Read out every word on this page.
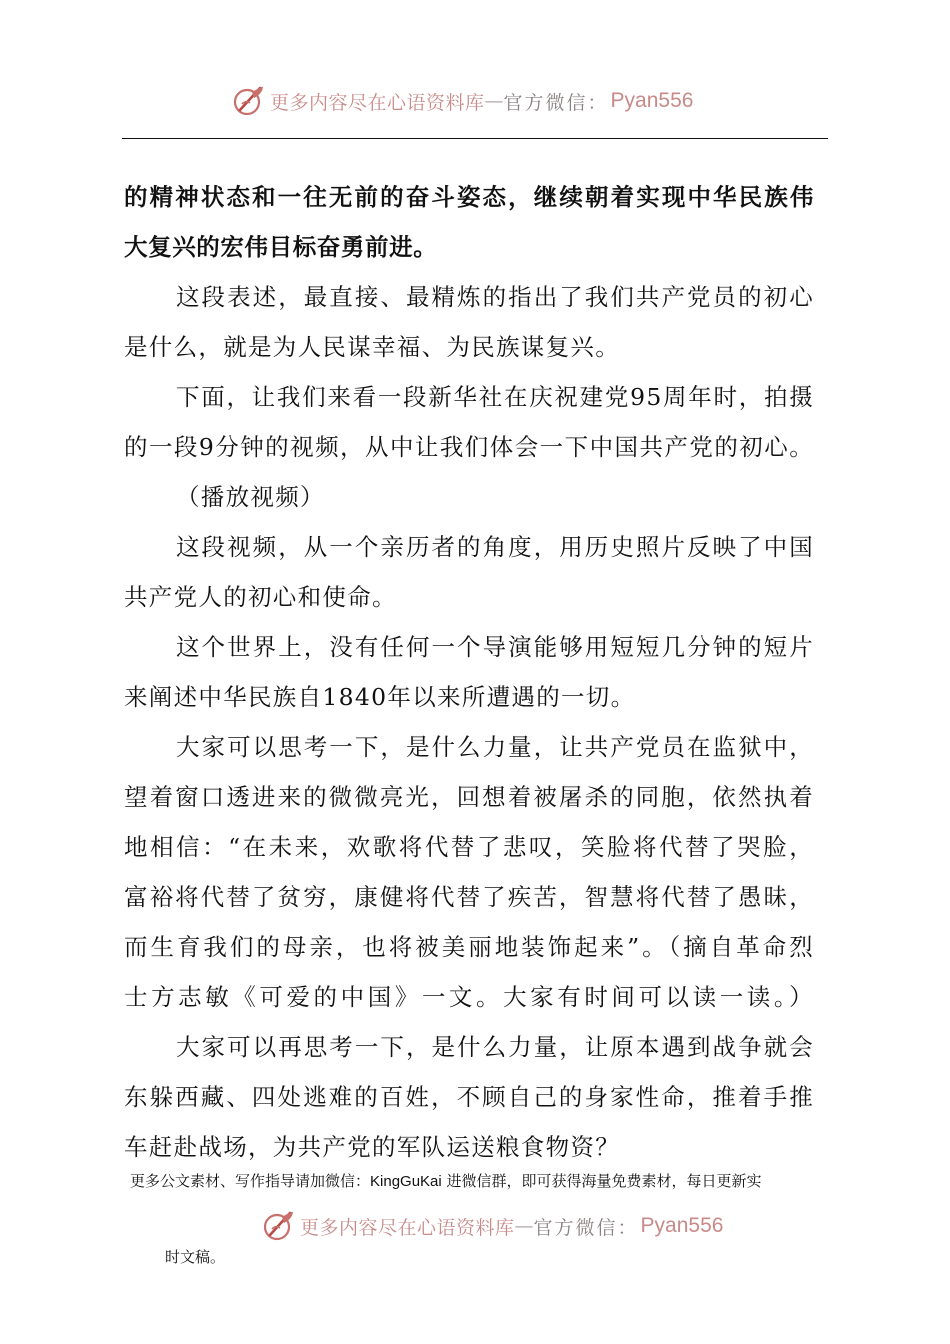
更多内容尽在心语资料库 — 官方微信： Pyan556
的精神状态和一往无前的奋斗姿态，继续朝着实现中华民族伟
大复兴的宏伟目标奋勇前进。
这段表述，最直接、最精炼的指出了我们共产党员的初心
是什么，就是为人民谋幸福、为民族谋复兴。
下面，让我们来看一段新华社在庆祝建党95周年时，拍摄
的一段9分钟的视频，从中让我们体会一下中国共产党的初心。
（播放视频）
这段视频，从一个亲历者的角度，用历史照片反映了中国
共产党人的初心和使命。
这个世界上，没有任何一个导演能够用短短几分钟的短片
来阐述中华民族自1840年以来所遭遇的一切。
大家可以思考一下，是什么力量，让共产党员在监狱中，
望着窗口透进来的微微亮光，回想着被屠杀的同胞，依然执着
地相信：“在未来，欢歌将代替了悲叹，笑脸将代替了哭脸，
富裕将代替了贫穷，康健将代替了疾苦，智慧将代替了愚昧，
而生育我们的母亲，也将被美丽地装饰起来”。（摘自革命烈
士方志敏《可爱的中国》一文。大家有时间可以读一读。）
大家可以再思考一下，是什么力量，让原本遇到战争就会
东躲西藏、四处逃难的百姓，不顾自己的身家性命，推着手推
车赶赴战场，为共产党的军队运送粮食物资？
更多公文素材、写作指导请加微信：KingGuKai 进微信群，即可获得海量免费素材，每日更新实
更多内容尽在心语资料库 — 官方微信： Pyan556
时文稿。
